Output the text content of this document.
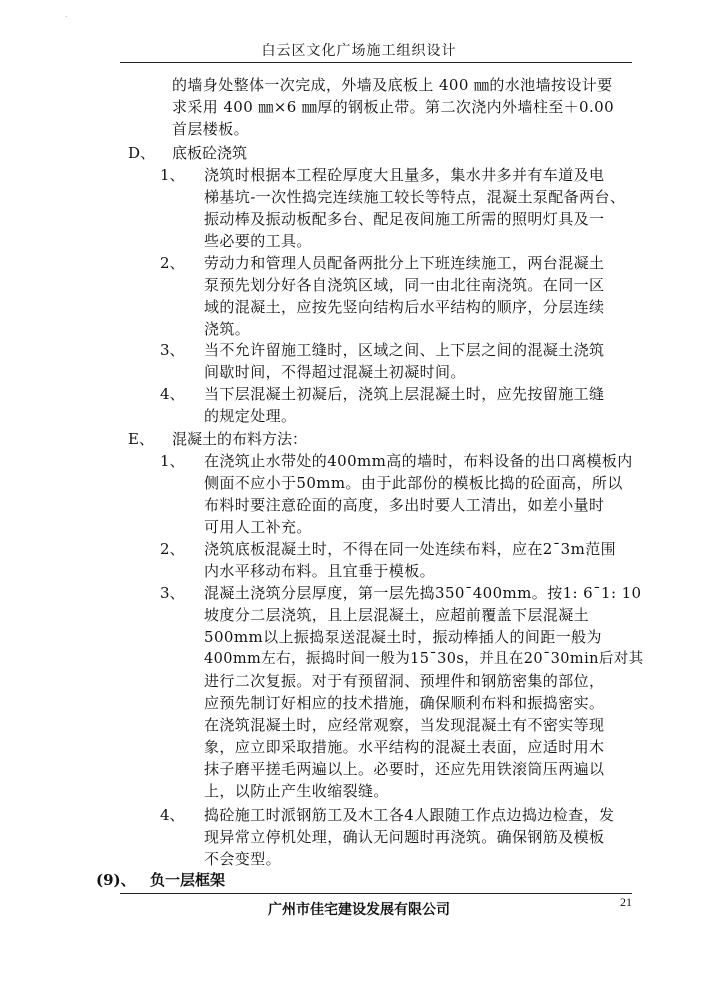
.
白云区文化广场施工组织设计
的墙身处整体一次完成，外墙及底板上 400 ㎜的水池墙按设计要
求采用 400 ㎜×6 ㎜厚的钢板止带。第二次浇内外墙柱至＋0.00
首层楼板。
D、 底板砼浇筑
1、 浇筑时根据本工程砼厚度大且量多，集水井多并有车道及电
梯基坑-一次性捣完连续施工较长等特点，混凝土泵配备两台、
振动棒及振动板配多台、配足夜间施工所需的照明灯具及一
些必要的工具。
2、 劳动力和管理人员配备两批分上下班连续施工，两台混凝土
泵预先划分好各自浇筑区域，同一由北往南浇筑。在同一区
域的混凝土，应按先竖向结构后水平结构的顺序，分层连续
浇筑。
3、 当不允许留施工缝时，区域之间、上下层之间的混凝土浇筑
间歇时间，不得超过混凝土初凝时间。
4、 当下层混凝土初凝后，浇筑上层混凝土时，应先按留施工缝
的规定处理。
E、 混凝土的布料方法：
1、 在浇筑止水带处的400mm高的墙时，布料设备的出口离模板内
侧面不应小于50mm。由于此部份的模板比捣的砼面高，所以
布料时要注意砼面的高度，多出时要人工清出，如差小量时
可用人工补充。
2、 浇筑底板混凝土时，不得在同一处连续布料，应在2¯3m范围
内水平移动布料。且宜垂于模板。
3、 混凝土浇筑分层厚度，第一层先捣350¯400mm。按1: 6¯1: 10
坡度分二层浇筑，且上层混凝土，应超前覆盖下层混凝土
500mm以上振捣泵送混凝土时，振动棒插人的间距一般为
400mm左右，振捣时间一般为15¯30s，并且在20¯30min后对其
进行二次复振。对于有预留洞、预埋件和钢筋密集的部位，
应预先制订好相应的技术措施，确保顺利布料和振捣密实。
在浇筑混凝土时，应经常观察，当发现混凝土有不密实等现
象，应立即采取措施。水平结构的混凝土表面，应适时用木
抹子磨平搓毛两遍以上。必要时，还应先用铁滚筒压两遍以
上，以防止产生收缩裂缝。
4、 捣砼施工时派钢筋工及木工各4人跟随工作点边捣边检查，发
现异常立停机处理，确认无问题时再浇筑。确保钢筋及模板
不会变型。
(9)、 负一层框架
广州市佳宅建设发展有限公司	21
